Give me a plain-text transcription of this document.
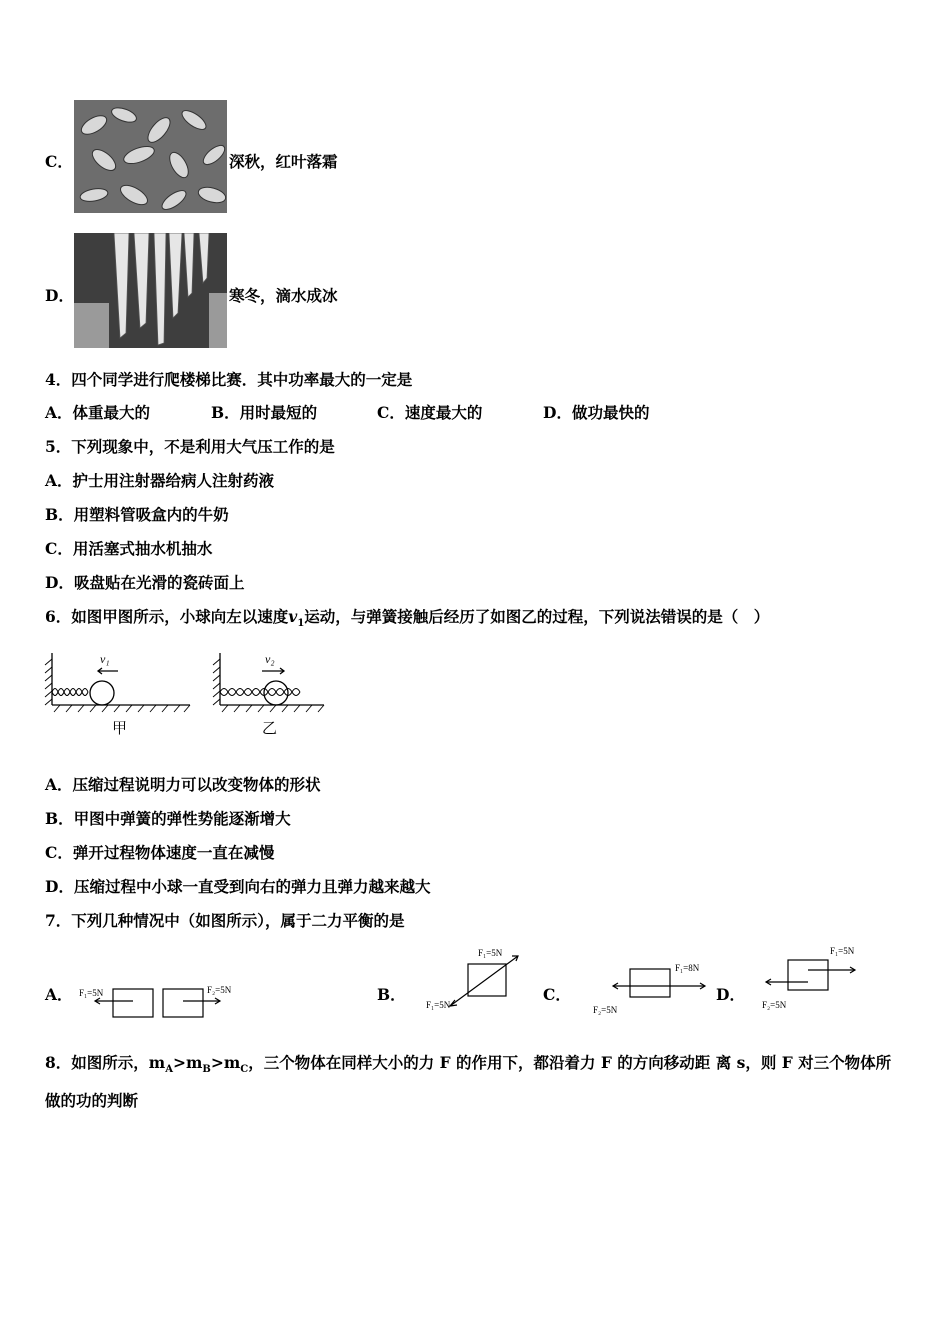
C．	深秋，红叶落霜
D．	寒冬，滴水成冰
4．四个同学进行爬楼梯比赛．其中功率最大的一定是
A．体重最大的	B．用时最短的	C．速度最大的	D．做功最快的
5．下列现象中，不是利用大气压工作的是
A．护士用注射器给病人注射药液
B．用塑料管吸盒内的牛奶
C．用活塞式抽水机抽水
D．吸盘贴在光滑的瓷砖面上
6．如图甲图所示，小球向左以速度$v_1$运动，与弹簧接触后经历了如图乙的过程，下列说法错误的是（　）
v₁	v₂
甲	乙
A．压缩过程说明力可以改变物体的形状
B．甲图中弹簧的弹性势能逐渐增大
C．弹开过程物体速度一直在减慢
D．压缩过程中小球一直受到向右的弹力且弹力越来越大
7．下列几种情况中（如图所示），属于二力平衡的是
A． F₁=5N	F₂=5N	B．
F₁=5N
F₁=5N
C．
F₁=8N
F₂=5N
D．
F₁=5N
F₂=5N
8．如图所示，$m_A>m_B>m_C$，三个物体在同样大小的力 F 的作用下，都沿着力 F 的方向移动距 离 s，则 F 对三个物体所
做的功的判断
